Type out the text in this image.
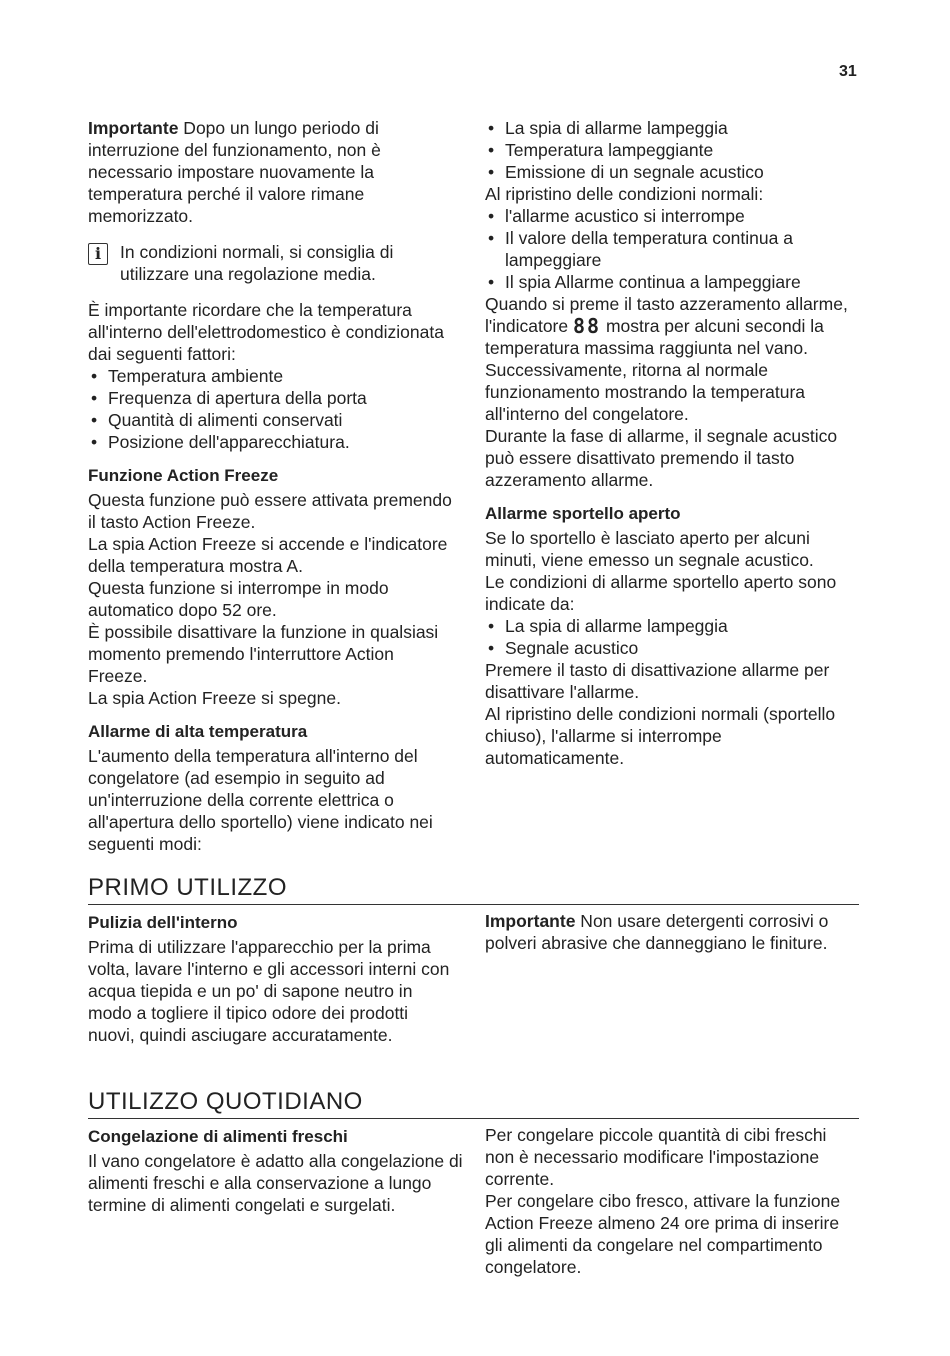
31

Importante Dopo un lungo periodo di interruzione del funzionamento, non è necessario impostare nuovamente la temperatura perché il valore rimane memorizzato.

i	In condizioni normali, si consiglia di utilizzare una regolazione media.

È importante ricordare che la temperatura all'interno dell'elettrodomestico è condizionata dai seguenti fattori:

• Temperatura ambiente
• Frequenza di apertura della porta
• Quantità di alimenti conservati
• Posizione dell'apparecchiatura.
Funzione Action Freeze

Questa funzione può essere attivata premendo il tasto Action Freeze.

La spia Action Freeze si accende e l'indicatore della temperatura mostra A.

Questa funzione si interrompe in modo automatico dopo 52 ore.

È possibile disattivare la funzione in qualsiasi momento premendo l'interruttore Action Freeze.

La spia Action Freeze si spegne.

Allarme di alta temperatura

L'aumento della temperatura all'interno del congelatore (ad esempio in seguito ad un'interruzione della corrente elettrica o all'apertura dello sportello) viene indicato nei seguenti modi:

• La spia di allarme lampeggia
• Temperatura lampeggiante
• Emissione di un segnale acustico

Al ripristino delle condizioni normali:

• l'allarme acustico si interrompe
• Il valore della temperatura continua a lampeggiare
• Il spia Allarme continua a lampeggiare

Quando si preme il tasto azzeramento allarme, l'indicatore 88 mostra per alcuni secondi la temperatura massima raggiunta nel vano.

Successivamente, ritorna al normale funzionamento mostrando la temperatura all'interno del congelatore.

Durante la fase di allarme, il segnale acustico può essere disattivato premendo il tasto azzeramento allarme.

Allarme sportello aperto

Se lo sportello è lasciato aperto per alcuni minuti, viene emesso un segnale acustico.

Le condizioni di allarme sportello aperto sono indicate da:

• La spia di allarme lampeggia
• Segnale acustico

Premere il tasto di disattivazione allarme per disattivare l'allarme.

Al ripristino delle condizioni normali (sportello chiuso), l'allarme si interrompe automaticamente.

PRIMO UTILIZZO
Pulizia dell'interno

Prima di utilizzare l'apparecchio per la prima volta, lavare l'interno e gli accessori interni con acqua tiepida e un po' di sapone neutro in modo a togliere il tipico odore dei prodotti nuovi, quindi asciugare accuratamente.

Importante Non usare detergenti corrosivi o polveri abrasive che danneggiano le finiture.

UTILIZZO QUOTIDIANO
Congelazione di alimenti freschi

Il vano congelatore è adatto alla congelazione di alimenti freschi e alla conservazione a lungo termine di alimenti congelati e surgelati.

Per congelare piccole quantità di cibi freschi non è necessario modificare l'impostazione corrente.

Per congelare cibo fresco, attivare la funzione Action Freeze almeno 24 ore prima di inserire gli alimenti da congelare nel compartimento congelatore.
